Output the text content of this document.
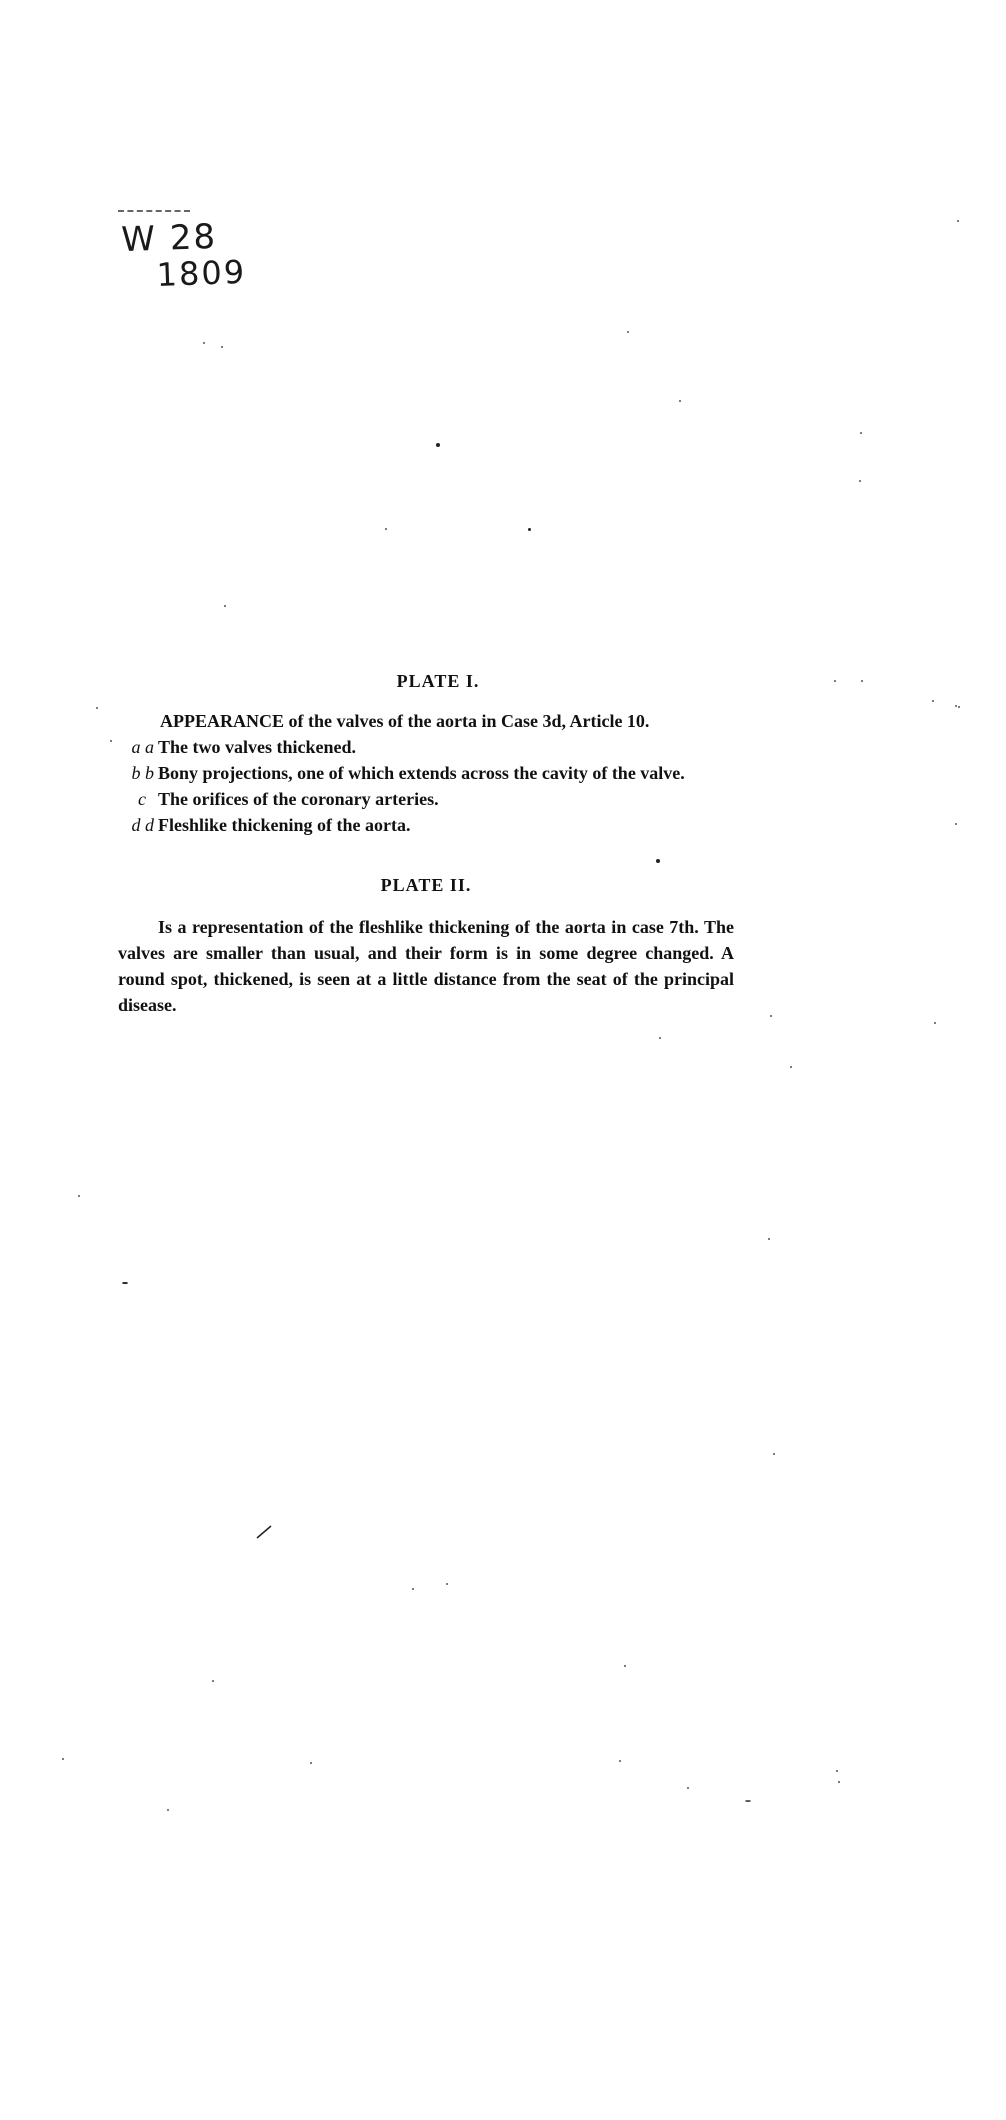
W 28
1809

PLATE I.

APPEARANCE of the valves of the aorta in Case 3d, Article 10.

a a The two valves thickened.
b b Bony projections, one of which extends across the cavity of the valve.
c The orifices of the coronary arteries.
d d Fleshlike thickening of the aorta.

PLATE II.

Is a representation of the fleshlike thickening of the aorta in case 7th. The valves are smaller than usual, and their form is in some degree changed. A round spot, thickened, is seen at a little distance from the seat of the principal disease.
